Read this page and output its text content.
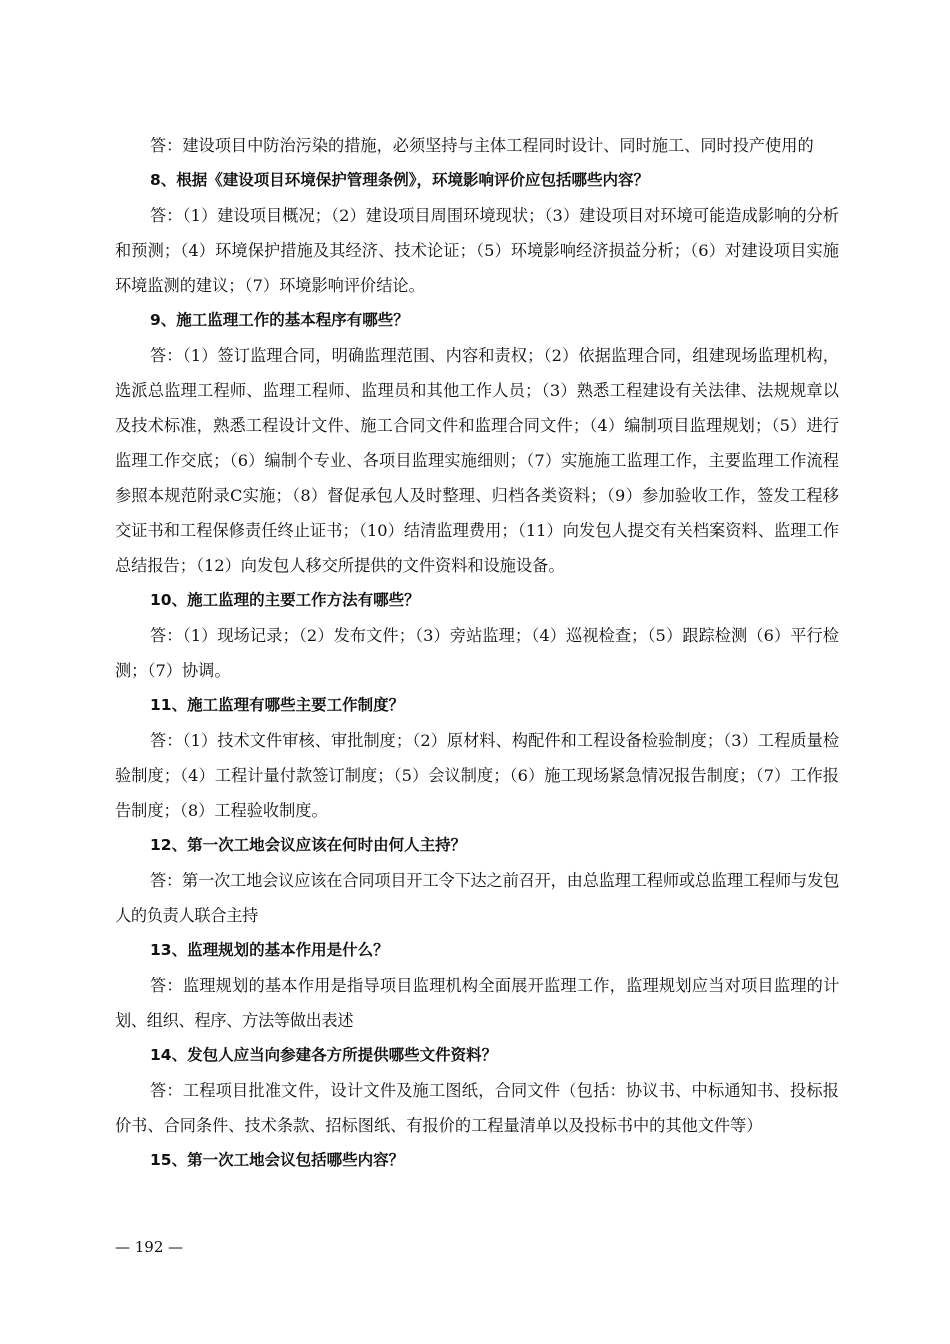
答：建设项目中防治污染的措施，必须坚持与主体工程同时设计、同时施工、同时投产使用的

8、根据《建设项目环境保护管理条例》，环境影响评价应包括哪些内容？

答：（1）建设项目概况；（2）建设项目周围环境现状；（3）建设项目对环境可能造成影响的分析和预测；（4）环境保护措施及其经济、技术论证；（5）环境影响经济损益分析；（6）对建设项目实施环境监测的建议；（7）环境影响评价结论。

9、施工监理工作的基本程序有哪些？

答：（1）签订监理合同，明确监理范围、内容和责权；（2）依据监理合同，组建现场监理机构，选派总监理工程师、监理工程师、监理员和其他工作人员；（3）熟悉工程建设有关法律、法规规章以及技术标准，熟悉工程设计文件、施工合同文件和监理合同文件；（4）编制项目监理规划；（5）进行监理工作交底；（6）编制个专业、各项目监理实施细则；（7）实施施工监理工作，主要监理工作流程参照本规范附录C实施；（8）督促承包人及时整理、归档各类资料；（9）参加验收工作，签发工程移交证书和工程保修责任终止证书；（10）结清监理费用；（11）向发包人提交有关档案资料、监理工作总结报告；（12）向发包人移交所提供的文件资料和设施设备。

10、施工监理的主要工作方法有哪些？

答：（1）现场记录；（2）发布文件；（3）旁站监理；（4）巡视检查；（5）跟踪检测（6）平行检测；（7）协调。

11、施工监理有哪些主要工作制度？

答：（1）技术文件审核、审批制度；（2）原材料、构配件和工程设备检验制度；（3）工程质量检验制度；（4）工程计量付款签订制度；（5）会议制度；（6）施工现场紧急情况报告制度；（7）工作报告制度；（8）工程验收制度。

12、第一次工地会议应该在何时由何人主持？

答：第一次工地会议应该在合同项目开工令下达之前召开，由总监理工程师或总监理工程师与发包人的负责人联合主持

13、监理规划的基本作用是什么？

答：监理规划的基本作用是指导项目监理机构全面展开监理工作，监理规划应当对项目监理的计划、组织、程序、方法等做出表述

14、发包人应当向参建各方所提供哪些文件资料？

答：工程项目批准文件，设计文件及施工图纸，合同文件（包括：协议书、中标通知书、投标报价书、合同条件、技术条款、招标图纸、有报价的工程量清单以及投标书中的其他文件等）

15、第一次工地会议包括哪些内容？

— 192 —
